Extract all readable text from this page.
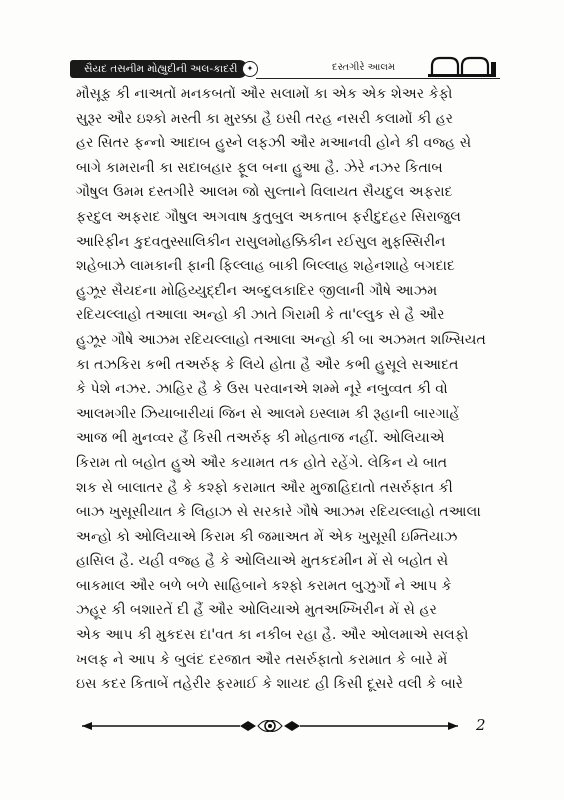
સૈયદ તસનીમ મોહ્યુદીની અલ-કાદરી	✦	દસ્તગીરે આલમ
મૌસૂફ કી નાઅતોં મનકબતોં ઔર સલામોં કા એક એક શેઅર કેફો
સુરૂર ઔર ઇશ્કો મસ્તી કા મુરક્કા હૈ ઇસી તરહ નસરી કલામોં કી હર
હર સિતર ફન્નો આદાબ હુસ્ને લફઝી ઔર મઆનવી હોને કી વજ્હ સે
બાગે કામરાની કા સદાબહાર ફૂલ બના હુઆ હૈ. ઝેરે નઝર કિતાબ
ગૌષુલ ઉમમ દસ્તગીરે આલમ જો સુલ્તાને વિલાયત સૈયદુલ અફરાદ
ફરદુલ અફરાદ ગૌષુલ અગવાષ કુતુબુલ અકતાબ ફરીદુદહર સિરાજુલ
આરિફીન કુદવતુસ્સાલિકીન રાસુલમોહક્કિકીન રઈસુલ મુફસ્સિરીન
શહેબાઝે લામકાની ફાની ફિલ્લાહ બાકી બિલ્લાહ શહેનશાહે બગદાદ
હુઝૂર સૈયદના મોહિય્યુદ્દીન અબ્દુલકાદિર જીલાની ગૌષે આઝમ
રદિયલ્લાહો તઆલા અન્હો કી ઝાતે ગિરામી કે તા'લ્લુક સે હૈ ઔર
હુઝૂર ગૌષે આઝમ રદિયલ્લાહો તઆલા અન્હો કી બા અઝમત શખ્સિયત
કા તઝકિરા કભી તઅર્રુફ કે લિયે હોતા હૈ ઔર કભી હુસૂલે સઆદત
કે પેશે નઝર. ઝાહિર હૈ કે ઉસ પરવાનએ શમ્મે નૂરે નબુવ્વત કી વો
આલમગીર ઝિયાબારીયાં જિન સે આલમે ઇસ્લામ કી રૂહાની બારગાહેં
આજ ભી મુનવ્વર હૈં કિસી તઅર્રુફ કી મોહતાજ નહીં. ઓલિયાએ
કિરામ તો બહોત હુએ ઔર કયામત તક હોતે રહેંગે. લેકિન યે બાત
શક સે બાલાતર હૈ કે કશ્ફો કરામાત ઔર મુજાહિદાતો તસર્રુફાત કી
બાઝ ખુસૂસીયાત કે લિહાઝ સે સરકારે ગૌષે આઝમ રદિયલ્લાહો તઆલા
અન્હો કો ઓલિયાએ કિરામ કી જમાઅત મેં એક ખુસૂસી ઇમ્તિયાઝ
હાસિલ હૈ. યહી વજ્હ હૈ કે ઓલિયાએ મુતકદમીન મેં સે બહોત સે
બાકમાલ ઔર બળે બળે સાહિબાને કશ્ફો કરામત બુઝુર્ગોં ને આપ કે
ઝહૂર કી બશારતેં દી હૈં ઔર ઓલિયાએ મુતઅખ્ખિરીન મેં સે હર
એક આપ કી મુકદસ દા'વત કા નકીબ રહા હૈ. ઔર ઓલમાએ સલફો
ખલફ ને આપ કે બુલંદ દરજાત ઔર તસર્રુફાતો કરામાત કે બારે મેં
ઇસ કદર કિતાબેં તહેરીર ફરમાઈ કે શાયદ હી કિસી દૂસરે વલી કે બારે
2
